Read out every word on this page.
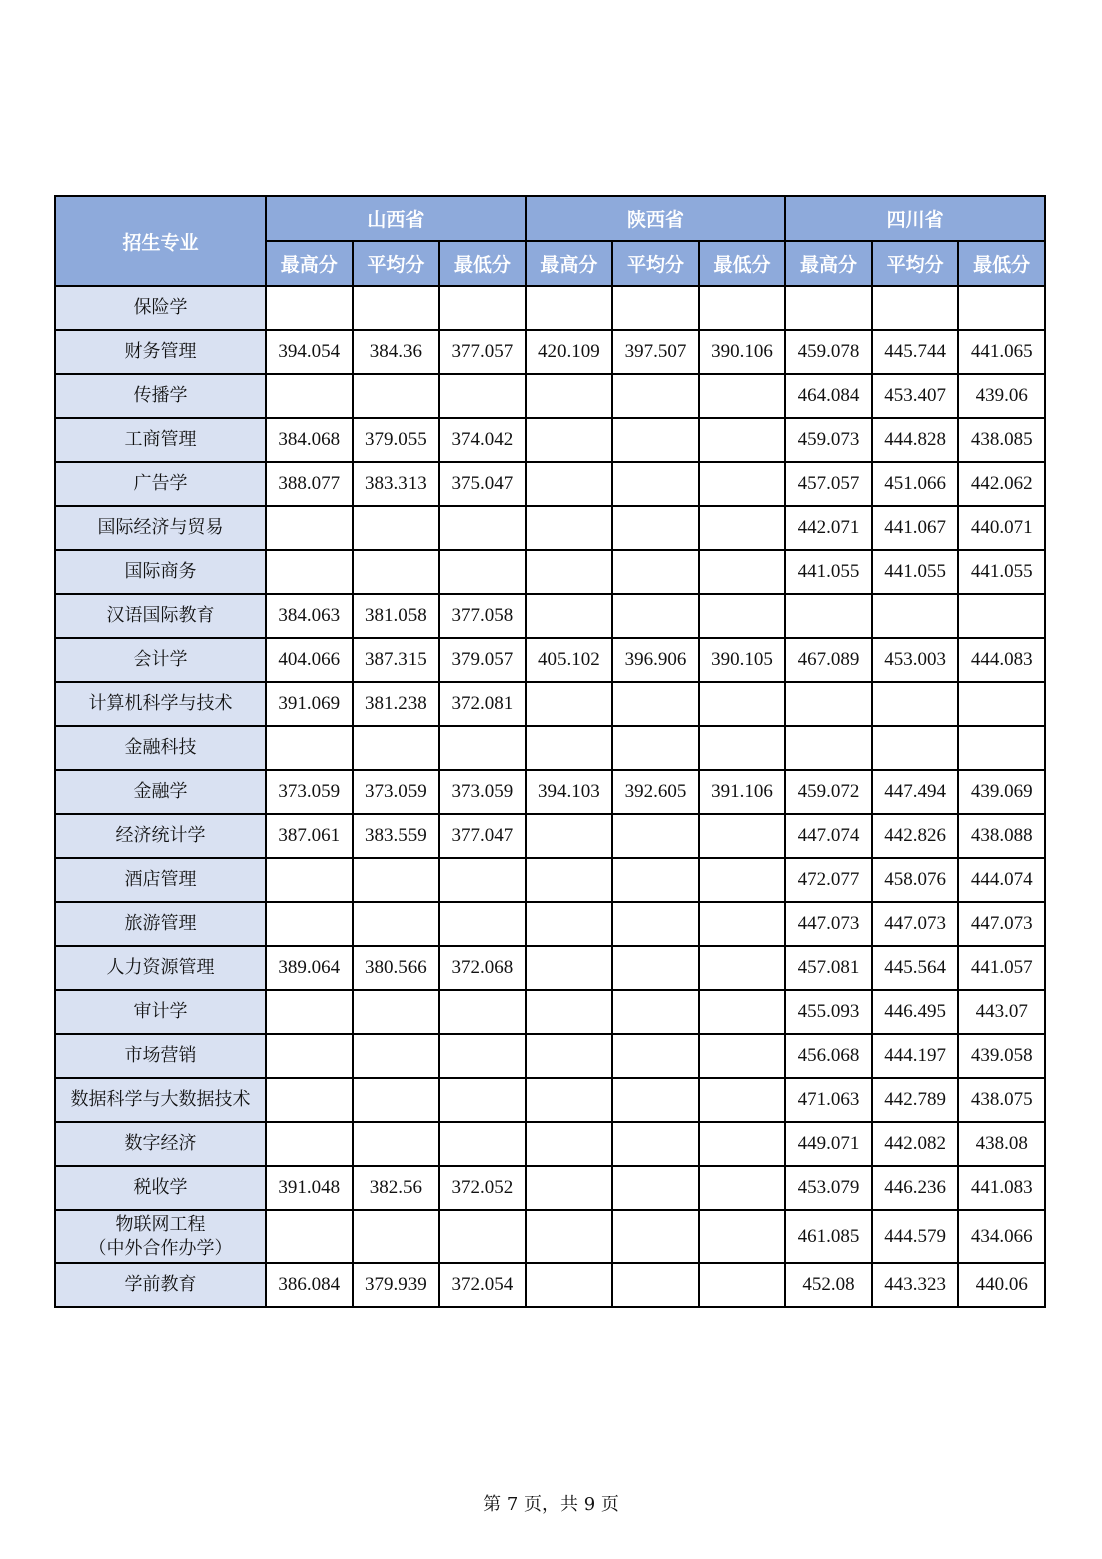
招生专业	山西省			陕西省			四川省		
	最高分	平均分	最低分	最高分	平均分	最低分	最高分	平均分	最低分
保险学									
财务管理	394.054	384.36	377.057	420.109	397.507	390.106	459.078	445.744	441.065
传播学							464.084	453.407	439.06
工商管理	384.068	379.055	374.042				459.073	444.828	438.085
广告学	388.077	383.313	375.047				457.057	451.066	442.062
国际经济与贸易							442.071	441.067	440.071
国际商务							441.055	441.055	441.055
汉语国际教育	384.063	381.058	377.058						
会计学	404.066	387.315	379.057	405.102	396.906	390.105	467.089	453.003	444.083
计算机科学与技术	391.069	381.238	372.081						
金融科技									
金融学	373.059	373.059	373.059	394.103	392.605	391.106	459.072	447.494	439.069
经济统计学	387.061	383.559	377.047				447.074	442.826	438.088
酒店管理							472.077	458.076	444.074
旅游管理							447.073	447.073	447.073
人力资源管理	389.064	380.566	372.068				457.081	445.564	441.057
审计学							455.093	446.495	443.07
市场营销							456.068	444.197	439.058
数据科学与大数据技术							471.063	442.789	438.075
数字经济							449.071	442.082	438.08
税收学	391.048	382.56	372.052				453.079	446.236	441.083
物联网工程
（中外合作办学）							461.085	444.579	434.066
学前教育	386.084	379.939	372.054				452.08	443.323	440.06
第 7 页，共 9 页
